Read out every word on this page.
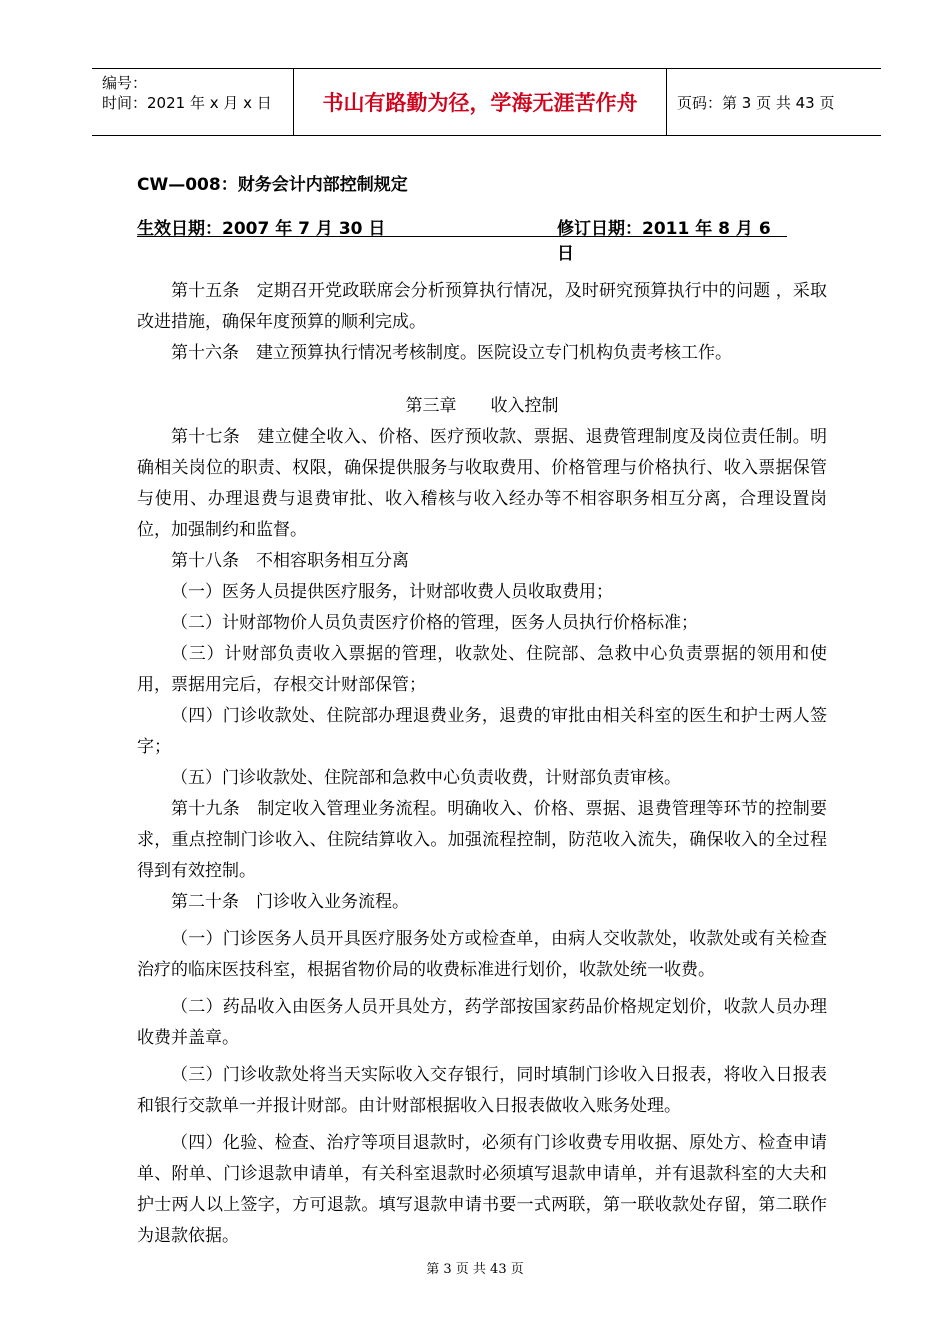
编号：
时间：2021 年 x 月 x 日	书山有路勤为径，学海无涯苦作舟	页码：第 3 页 共 43 页
CW—008：财务会计内部控制规定
生效日期：2007 年 7 月 30 日	修订日期：2011 年 8 月 6 日

第十五条　定期召开党政联席会分析预算执行情况，及时研究预算执行中的问题 ，采取改进措施，确保年度预算的顺利完成。

第十六条　建立预算执行情况考核制度。医院设立专门机构负责考核工作。

第三章　　收入控制

第十七条　建立健全收入、价格、医疗预收款、票据、退费管理制度及岗位责任制。明确相关岗位的职责、权限，确保提供服务与收取费用、价格管理与价格执行、收入票据保管与使用、办理退费与退费审批、收入稽核与收入经办等不相容职务相互分离，合理设置岗位，加强制约和监督。

第十八条　不相容职务相互分离

（一）医务人员提供医疗服务，计财部收费人员收取费用；

（二）计财部物价人员负责医疗价格的管理，医务人员执行价格标准；

（三）计财部负责收入票据的管理，收款处、住院部、急救中心负责票据的领用和使用，票据用完后，存根交计财部保管；

（四）门诊收款处、住院部办理退费业务，退费的审批由相关科室的医生和护士两人签字；

（五）门诊收款处、住院部和急救中心负责收费，计财部负责审核。

第十九条　制定收入管理业务流程。明确收入、价格、票据、退费管理等环节的控制要求，重点控制门诊收入、住院结算收入。加强流程控制，防范收入流失，确保收入的全过程得到有效控制。

第二十条　门诊收入业务流程。

（一）门诊医务人员开具医疗服务处方或检查单，由病人交收款处，收款处或有关检查治疗的临床医技科室，根据省物价局的收费标准进行划价，收款处统一收费。

（二）药品收入由医务人员开具处方，药学部按国家药品价格规定划价，收款人员办理收费并盖章。

（三）门诊收款处将当天实际收入交存银行，同时填制门诊收入日报表，将收入日报表和银行交款单一并报计财部。由计财部根据收入日报表做收入账务处理。

（四）化验、检查、治疗等项目退款时，必须有门诊收费专用收据、原处方、检查申请单、附单、门诊退款申请单，有关科室退款时必须填写退款申请单，并有退款科室的大夫和护士两人以上签字，方可退款。填写退款申请书要一式两联，第一联收款处存留，第二联作为退款依据。

第 3 页 共 43 页
